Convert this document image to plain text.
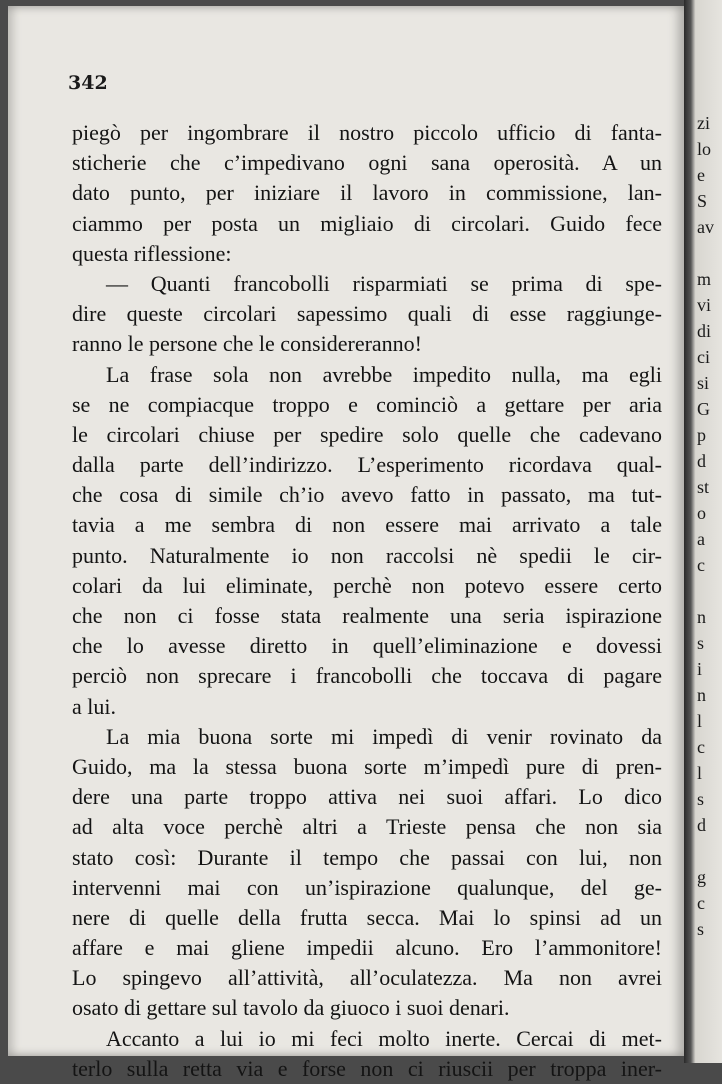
342
piegò per ingombrare il nostro piccolo ufficio di fanta-
sticherie che c’impedivano ogni sana operosità. A un
dato punto, per iniziare il lavoro in commissione, lan-
ciammo per posta un migliaio di circolari. Guido fece
questa riflessione:
— Quanti francobolli risparmiati se prima di spe-
dire queste circolari sapessimo quali di esse raggiunge-
ranno le persone che le considereranno!
La frase sola non avrebbe impedito nulla, ma egli
se ne compiacque troppo e cominciò a gettare per aria
le circolari chiuse per spedire solo quelle che cadevano
dalla parte dell’indirizzo. L’esperimento ricordava qual-
che cosa di simile ch’io avevo fatto in passato, ma tut-
tavia a me sembra di non essere mai arrivato a tale
punto. Naturalmente io non raccolsi nè spedii le cir-
colari da lui eliminate, perchè non potevo essere certo
che non ci fosse stata realmente una seria ispirazione
che lo avesse diretto in quell’eliminazione e dovessi
perciò non sprecare i francobolli che toccava di pagare
a lui.
La mia buona sorte mi impedì di venir rovinato da
Guido, ma la stessa buona sorte m’impedì pure di pren-
dere una parte troppo attiva nei suoi affari. Lo dico
ad alta voce perchè altri a Trieste pensa che non sia
stato così: Durante il tempo che passai con lui, non
intervenni mai con un’ispirazione qualunque, del ge-
nere di quelle della frutta secca. Mai lo spinsi ad un
affare e mai gliene impedii alcuno. Ero l’ammonitore!
Lo spingevo all’attività, all’oculatezza. Ma non avrei
osato di gettare sul tavolo da giuoco i suoi denari.
Accanto a lui io mi feci molto inerte. Cercai di met-
terlo sulla retta via e forse non ci riuscii per troppa iner-
zi
lo
e
S
av
m
vi
di
ci
si
G
p
d
st
o
a
c
n
s
i
n
l
c
l
s
d
g
c
s
